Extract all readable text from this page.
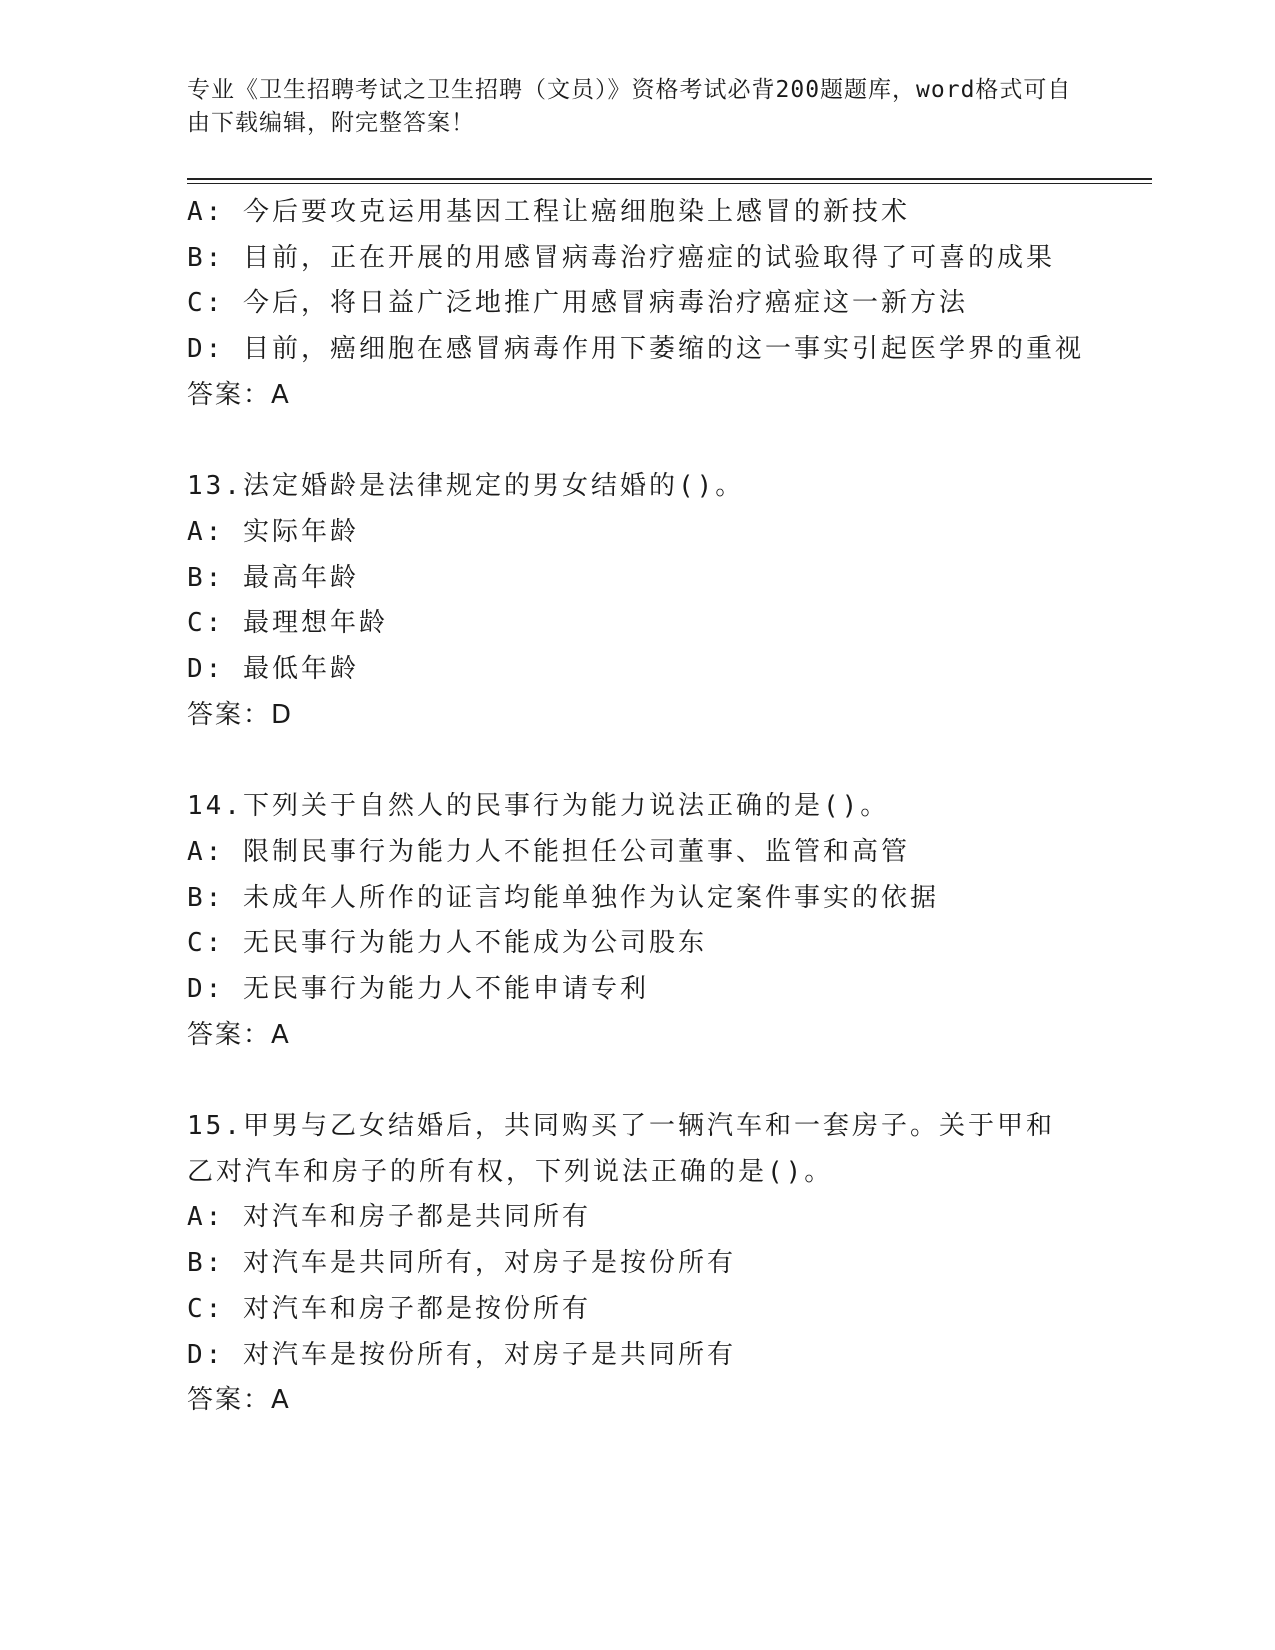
专业《卫生招聘考试之卫生招聘（文员）》资格考试必背200题题库，word格式可自由下载编辑，附完整答案！
A: 今后要攻克运用基因工程让癌细胞染上感冒的新技术
B: 目前，正在开展的用感冒病毒治疗癌症的试验取得了可喜的成果
C: 今后，将日益广泛地推广用感冒病毒治疗癌症这一新方法
D: 目前，癌细胞在感冒病毒作用下萎缩的这一事实引起医学界的重视
答案：A
13.法定婚龄是法律规定的男女结婚的()。
A: 实际年龄
B: 最高年龄
C: 最理想年龄
D: 最低年龄
答案：D
14.下列关于自然人的民事行为能力说法正确的是()。
A: 限制民事行为能力人不能担任公司董事、监管和高管
B: 未成年人所作的证言均能单独作为认定案件事实的依据
C: 无民事行为能力人不能成为公司股东
D: 无民事行为能力人不能申请专利
答案：A
15.甲男与乙女结婚后，共同购买了一辆汽车和一套房子。关于甲和乙对汽车和房子的所有权，下列说法正确的是()。
A: 对汽车和房子都是共同所有
B: 对汽车是共同所有，对房子是按份所有
C: 对汽车和房子都是按份所有
D: 对汽车是按份所有，对房子是共同所有
答案：A
